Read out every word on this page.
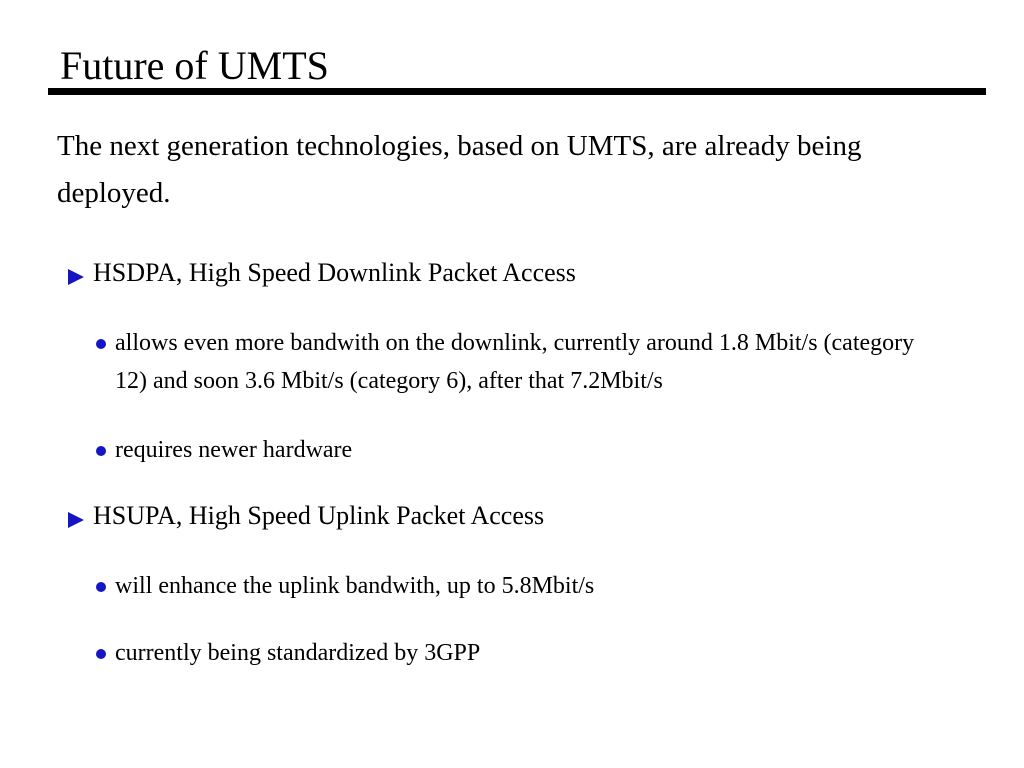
Future of UMTS

The next generation technologies, based on UMTS, are already being deployed.

HSDPA, High Speed Downlink Packet Access
allows even more bandwith on the downlink, currently around 1.8 Mbit/s (category 12) and soon 3.6 Mbit/s (category 6), after that 7.2Mbit/s
requires newer hardware
HSUPA, High Speed Uplink Packet Access
will enhance the uplink bandwith, up to 5.8Mbit/s
currently being standardized by 3GPP
